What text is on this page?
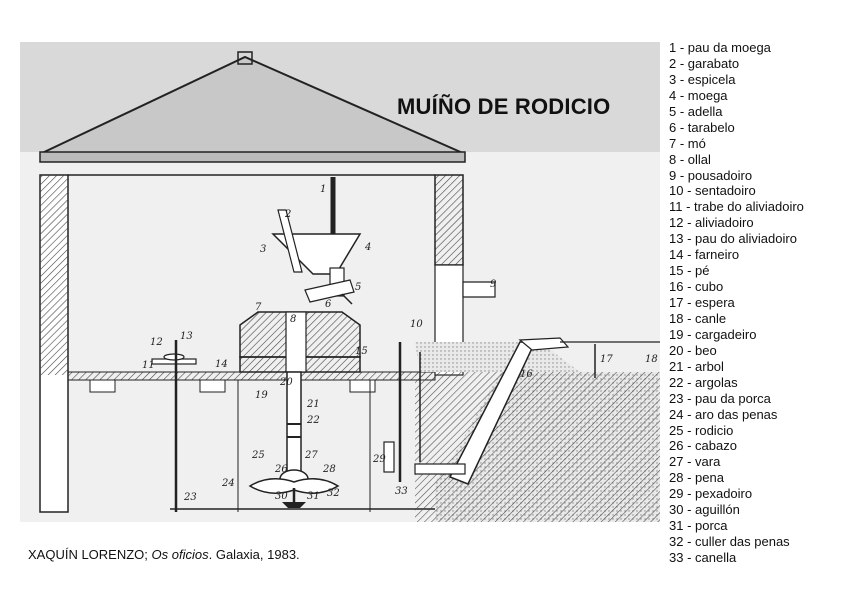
1
2
3	4
5
6
7
8
9
10
11
12
13
14
15
16
17	18
19
20
21
22
23
24
25
26
27
28
29
30 31 32	33
MUÍÑO DE RODICIO
XAQUÍN LORENZO; Os oficios. Galaxia, 1983.
1 - pau da moega
2 - garabato
3 - espicela
4 - moega
5 - adella
6 - tarabelo
7 - mó
8 - ollal
9 - pousadoiro
10 - sentadoiro
11 - trabe do aliviadoiro
12 - aliviadoiro
13 - pau do aliviadoiro
14 - farneiro
15 - pé
16 - cubo
17 - espera
18 - canle
19 - cargadeiro
20 - beo
21 - arbol
22 - argolas
23 - pau da porca
24 - aro das penas
25 - rodicio
26 - cabazo
27 - vara
28 - pena
29 - pexadoiro
30 - aguillón
31 - porca
32 - culler das penas
33 - canella
